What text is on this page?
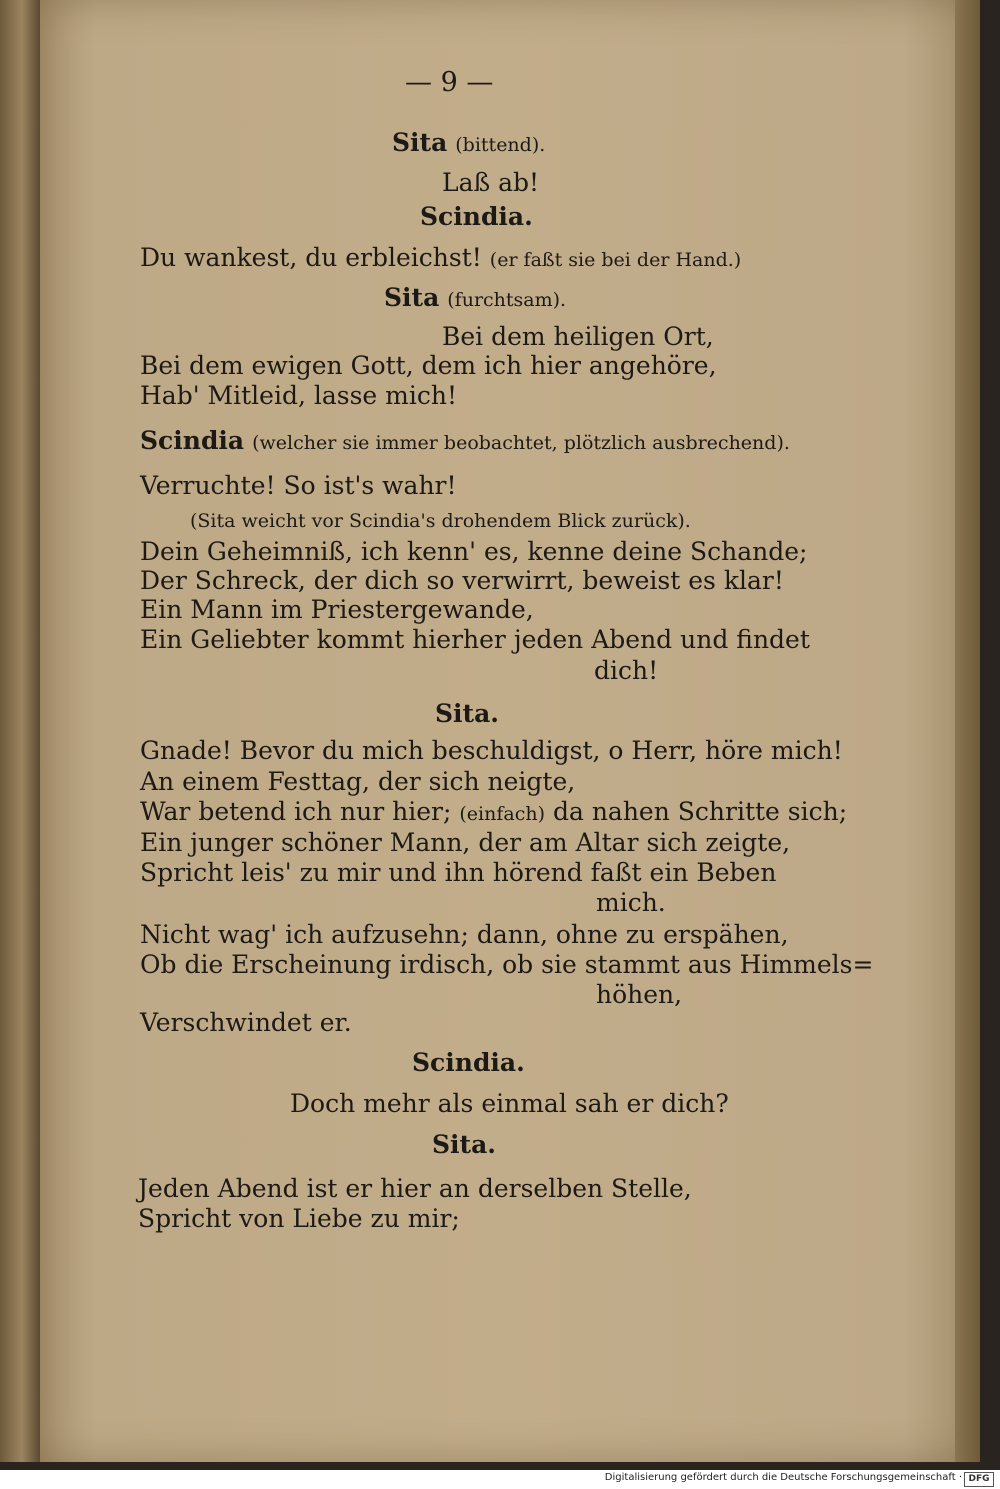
— 9 —
Sita (bittend).
Laß ab!
Scindia.
Du wankest, du erbleichst! (er faßt sie bei der Hand.)
Sita (furchtsam).
Bei dem heiligen Ort,
Bei dem ewigen Gott, dem ich hier angehöre,
Hab' Mitleid, lasse mich!
Scindia (welcher sie immer beobachtet, plötzlich ausbrechend).
Verruchte! So ist's wahr!
(Sita weicht vor Scindia's drohendem Blick zurück).
Dein Geheimniß, ich kenn' es, kenne deine Schande;
Der Schreck, der dich so verwirrt, beweist es klar!
Ein Mann im Priestergewande,
Ein Geliebter kommt hierher jeden Abend und findet
dich!
Sita.
Gnade! Bevor du mich beschuldigst, o Herr, höre mich!
An einem Festtag, der sich neigte,
War betend ich nur hier; (einfach) da nahen Schritte sich;
Ein junger schöner Mann, der am Altar sich zeigte,
Spricht leis' zu mir und ihn hörend faßt ein Beben
mich.
Nicht wag' ich aufzusehn; dann, ohne zu erspähen,
Ob die Erscheinung irdisch, ob sie stammt aus Himmels=
höhen,
Verschwindet er.
Scindia.
Doch mehr als einmal sah er dich?
Sita.
Jeden Abend ist er hier an derselben Stelle,
Spricht von Liebe zu mir;
Digitalisierung gefördert durch die Deutsche Forschungsgemeinschaft · DFG
